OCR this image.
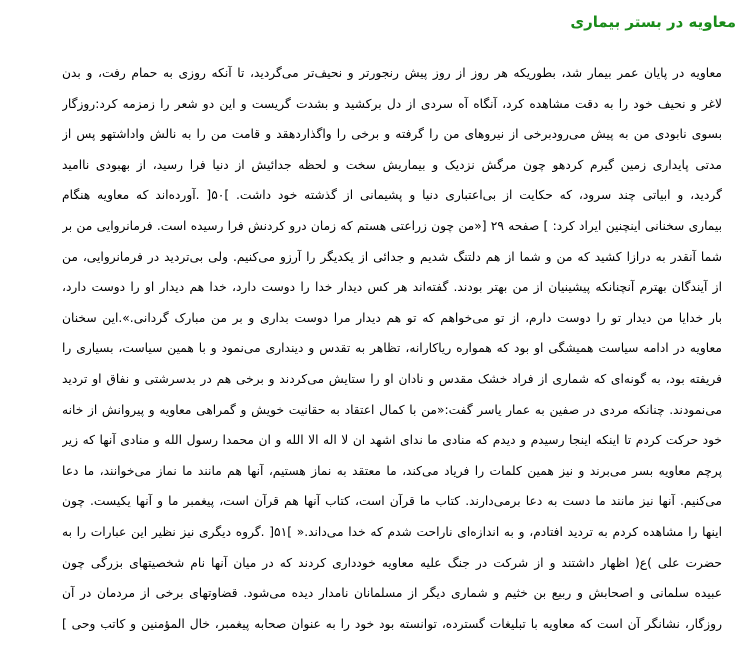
معاویه در بستر بیماری
معاویه در پایان عمر بیمار شد، بطوریکه هر روز از روز پیش رنجورتر و نحیف‌تر می‌گردید، تا آنکه روزی به حمام رفت، و بدن
لاغر و نحیف خود را به دقت مشاهده کرد، آنگاه آه سردی از دل برکشید و بشدت گریست و این دو شعر را زمزمه کرد:روزگار
بسوی نابودی من به پیش می‌رودبرخی از نیروهای من را گرفته و برخی را واگذاردهقد و قامت من را به نالش واداشتهو پس از
مدتی پایداری زمین گیرم کردهو چون مرگش نزدیک و بیماریش سخت و لحظه جدائیش از دنیا فرا رسید، از بهبودی ناامید
گردید، و ابیاتی چند سرود، که حکایت از بی‌اعتباری دنیا و پشیمانی از گذشته خود داشت. ]۵۰[ .آورده‌اند که معاویه هنگام
بیماری سخنانی اینچنین ایراد کرد: ] صفحه ۲۹ [«من چون زراعتی هستم که زمان درو کردنش فرا رسیده است. فرمانروایی من بر
شما آنقدر به درازا کشید که من و شما از هم دلتنگ شدیم و جدائی از یکدیگر را آرزو می‌کنیم. ولی بی‌تردید در فرمانروایی، من
از آیندگان بهترم آنچنانکه پیشینیان از من بهتر بودند. گفته‌اند هر کس دیدار خدا را دوست دارد، خدا هم دیدار او را دوست دارد،
بار خدایا من دیدار تو را دوست دارم، از تو می‌خواهم که تو هم دیدار مرا دوست بداری و بر من مبارک گردانی.».این سخنان
معاویه در ادامه سیاست همیشگی او بود که همواره ریاکارانه، تظاهر به تقدس و دینداری می‌نمود و با همین سیاست، بسیاری را
فریفته بود، به گونه‌ای که شماری از فراد خشک مقدس و نادان او را ستایش می‌کردند و برخی هم در بدسرشتی و نفاق او تردید
می‌نمودند. چنانکه مردی در صفین به عمار یاسر گفت:«من با کمال اعتقاد به حقانیت خویش و گمراهی معاویه و پیروانش از خانه
خود حرکت کردم تا اینکه اینجا رسیدم و دیدم که منادی ما ندای اشهد ان لا اله الا الله و ان محمدا رسول الله و منادی آنها که زیر
پرچم معاویه بسر می‌برند و نیز همین کلمات را فریاد می‌کند، ما معتقد به نماز هستیم، آنها هم مانند ما نماز می‌خوانند، ما دعا
می‌کنیم. آنها نیز مانند ما دست به دعا برمی‌دارند. کتاب ما قرآن است، کتاب آنها هم قرآن است، پیغمبر ما و آنها یکیست. چون
اینها را مشاهده کردم به تردید افتادم، و به اندازه‌ای ناراحت شدم که خدا می‌داند.« ]۵۱[ .گروه دیگری نیز نظیر این عبارات را به
حضرت علی )ع( اظهار داشتند و از شرکت در جنگ علیه معاویه خودداری کردند که در میان آنها نام شخصیتهای بزرگی چون
عبیده سلمانی و اصحابش و ربیع بن خثیم و شماری دیگر از مسلمانان نامدار دیده می‌شود. قضاوتهای برخی از مردمان در آن
روزگار، نشانگر آن است که معاویه با تبلیغات گسترده، توانسته بود خود را به عنوان صحابه پیغمبر، خال المؤمنین و کاتب وحی ]
